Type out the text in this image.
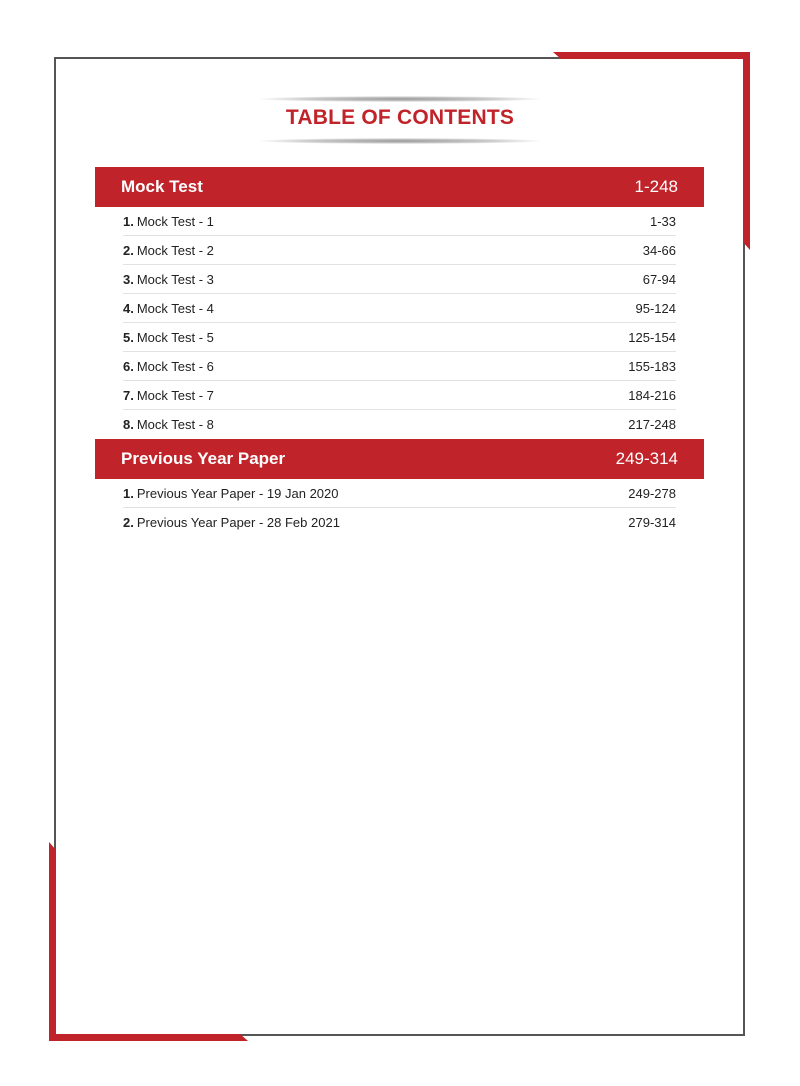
TABLE OF CONTENTS
Mock Test	1-248
1. Mock Test - 1	1-33
2. Mock Test - 2	34-66
3. Mock Test - 3	67-94
4. Mock Test - 4	95-124
5. Mock Test - 5	125-154
6. Mock Test - 6	155-183
7. Mock Test - 7	184-216
8. Mock Test - 8	217-248
Previous Year Paper	249-314
1. Previous Year Paper - 19 Jan 2020	249-278
2. Previous Year Paper - 28 Feb 2021	279-314
